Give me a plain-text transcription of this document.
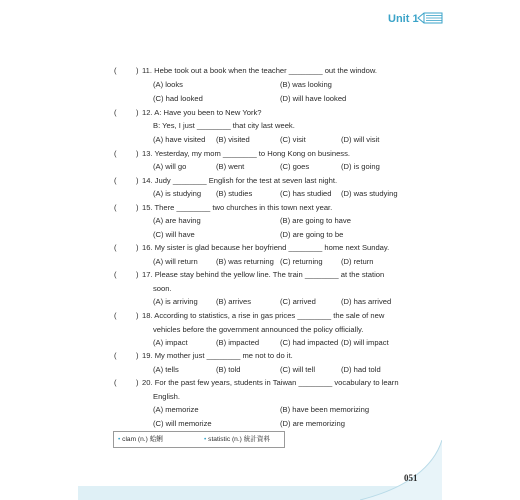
Unit 1
(	) 11. Hebe took out a book when the teacher ________ out the window.
(A) looks	(B) was looking
(C) had looked	(D) will have looked
(	) 12. A: Have you been to New York?
B: Yes, I just ________ that city last week.
(A) have visited (B) visited	(C) visit	(D) will visit
(	) 13. Yesterday, my mom ________ to Hong Kong on business.
(A) will go	(B) went	(C) goes	(D) is going
(	) 14. Judy ________ English for the test at seven last night.
(A) is studying (B) studies	(C) has studied (D) was studying
(	) 15. There ________ two churches in this town next year.
(A) are having	(B) are going to have
(C) will have	(D) are going to be
(	) 16. My sister is glad because her boyfriend ________ home next Sunday.
(A) will return (B) was returning (C) returning (D) return
(	) 17. Please stay behind the yellow line. The train ________ at the station
soon.
(A) is arriving (B) arrives	(C) arrived	(D) has arrived
(	) 18. According to statistics, a rise in gas prices ________ the sale of new
vehicles before the government announced the policy officially.
(A) impact	(B) impacted	(C) had impacted (D) will impact
(	) 19. My mother just ________ me not to do it.
(A) tells	(B) told	(C) will tell	(D) had told
(	) 20. For the past few years, students in Taiwan ________ vocabulary to learn
English.
(A) memorize	(B) have been memorizing
(C) will memorize	(D) are memorizing
• clam (n.) 蛤蜊	• statistic (n.) 統計資料
051
